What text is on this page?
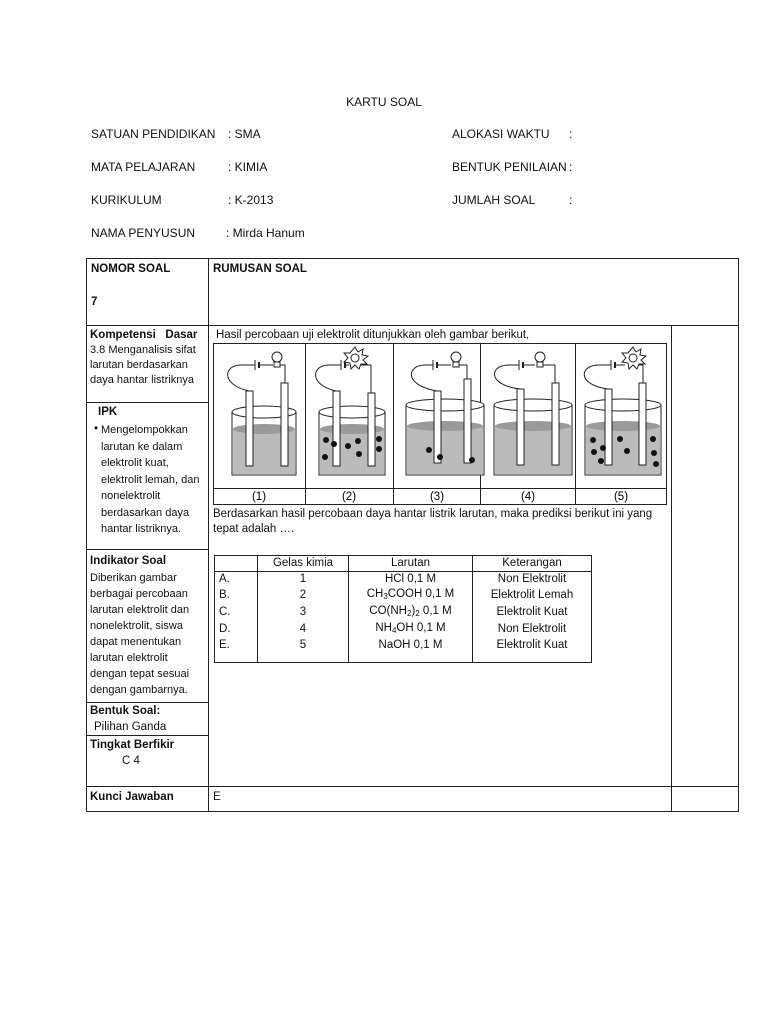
KARTU SOAL
SATUAN PENDIDIKAN : SMA
MATA PELAJARAN	: KIMIA
KURIKULUM	: K-2013
NAMA PENYUSUN	: Mirda Hanum
ALOKASI WAKTU :
BENTUK PENILAIAN :
JUMLAH SOAL	:
NOMOR SOAL
7
RUMUSAN SOAL
Kompetensi   Dasar
3.8 Menganalisis sifat larutan berdasarkan daya hantar listriknya
IPK
• Mengelompokkan larutan ke dalam elektrolit kuat, elektrolit lemah, dan nonelektrolit berdasarkan daya hantar listriknya.
Indikator Soal
Diberikan gambar berbagai percobaan larutan elektrolit dan nonelektrolit, siswa dapat menentukan larutan elektrolit dengan tepat sesuai dengan gambarnya.
Bentuk Soal:
Pilihan Ganda
Tingkat Berfikir
C 4
Kunci Jawaban	E
Hasil percobaan uji elektrolit ditunjukkan oleh gambar berikut,
(1)	(2)	(3)	(4)	(5)
Berdasarkan hasil percobaan daya hantar listrik larutan, maka prediksi berikut ini yang tepat adalah ….
	Gelas kimia	Larutan	Keterangan
A.	1	HCl 0,1 M	Non Elektrolit
B.	2	$CH_3COOH$ 0,1 M	Elektrolit Lemah
C.	3	$CO(NH_2)_2$ 0,1 M	Elektrolit Kuat
D.	4	$NH_4OH$ 0,1 M	Non Elektrolit
E.	5	NaOH 0,1 M	Elektrolit Kuat
